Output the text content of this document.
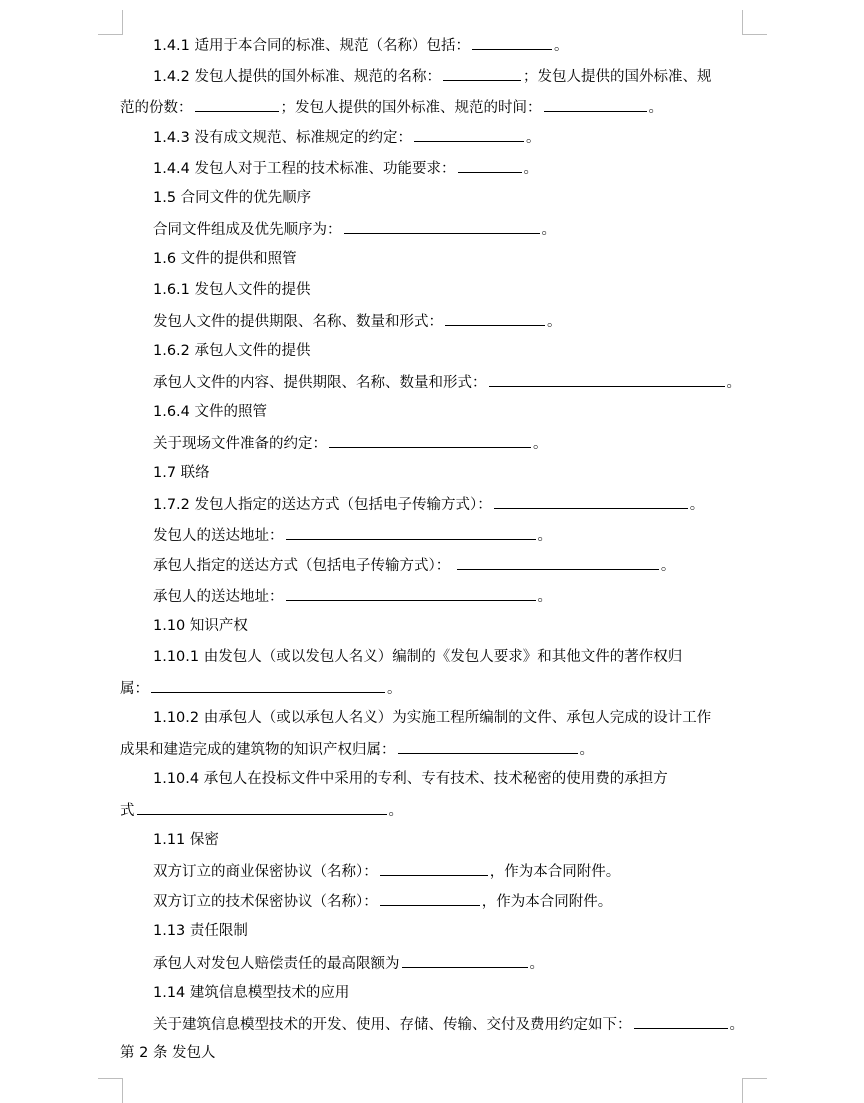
1.4.1 适用于本合同的标准、规范（名称）包括：	。
1.4.2 发包人提供的国外标准、规范的名称：	；发包人提供的国外标准、规
范的份数：	；发包人提供的国外标准、规范的时间：	。
1.4.3 没有成文规范、标准规定的约定：	。
1.4.4 发包人对于工程的技术标准、功能要求：	。
1.5 合同文件的优先顺序
合同文件组成及优先顺序为：	。
1.6 文件的提供和照管
1.6.1 发包人文件的提供
发包人文件的提供期限、名称、数量和形式：	。
1.6.2 承包人文件的提供
承包人文件的内容、提供期限、名称、数量和形式：	。
1.6.4 文件的照管
关于现场文件准备的约定：	。
1.7 联络
1.7.2 发包人指定的送达方式（包括电子传输方式）：	。
发包人的送达地址：	。
承包人指定的送达方式（包括电子传输方式）：	。
承包人的送达地址：	。
1.10 知识产权
1.10.1 由发包人（或以发包人名义）编制的《发包人要求》和其他文件的著作权归
属：	。
1.10.2 由承包人（或以承包人名义）为实施工程所编制的文件、承包人完成的设计工作
成果和建造完成的建筑物的知识产权归属：	。
1.10.4 承包人在投标文件中采用的专利、专有技术、技术秘密的使用费的承担方
式	。
1.11 保密
双方订立的商业保密协议（名称）：	，作为本合同附件。
双方订立的技术保密协议（名称）：	，作为本合同附件。
1.13 责任限制
承包人对发包人赔偿责任的最高限额为	。
1.14 建筑信息模型技术的应用
关于建筑信息模型技术的开发、使用、存储、传输、交付及费用约定如下：	。
第 2 条 发包人
